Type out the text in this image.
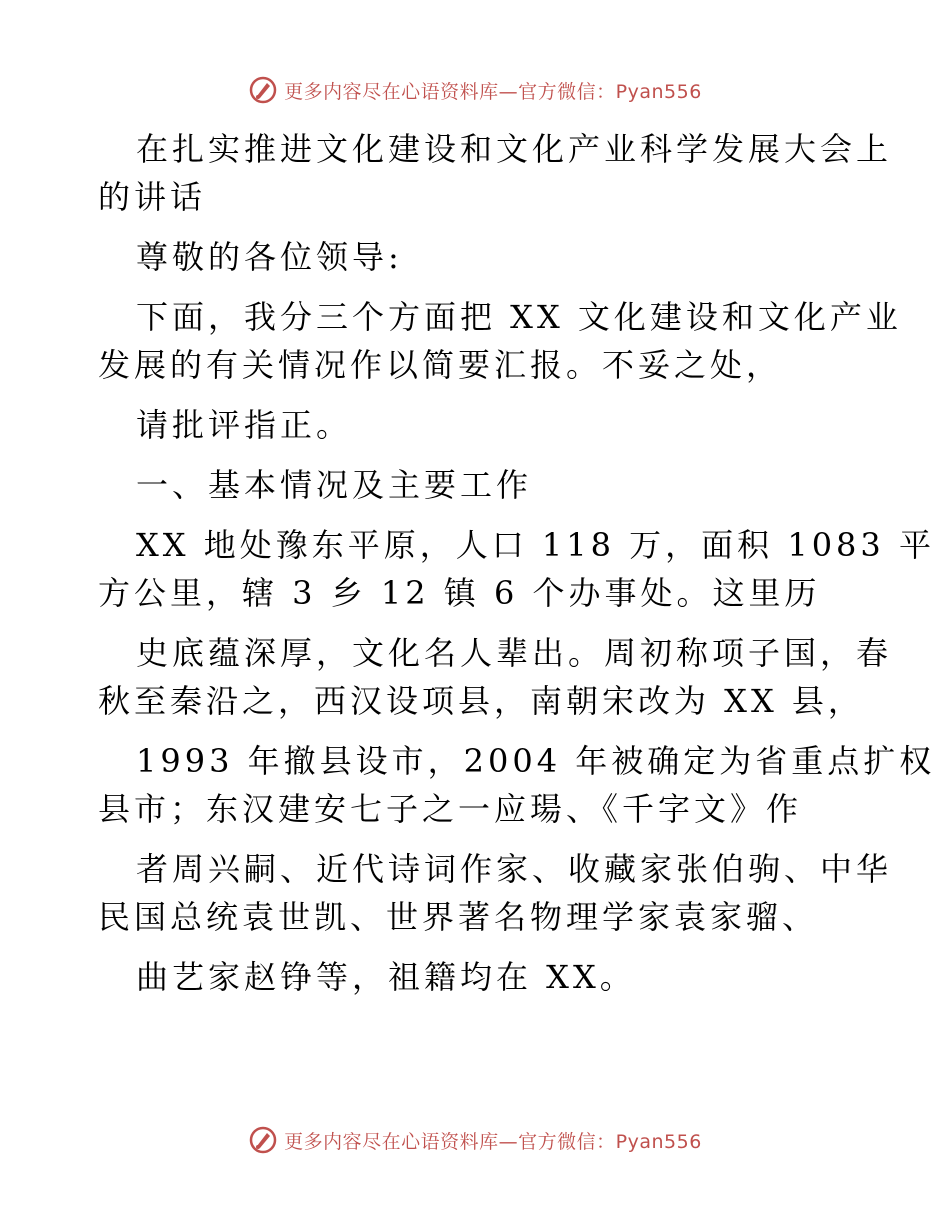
更多内容尽在心语资料库—官方微信：Pyan556
在扎实推进文化建设和文化产业科学发展大会上
的讲话
尊敬的各位领导:
下面，我分三个方面把 XX 文化建设和文化产业
发展的有关情况作以简要汇报。不妥之处，
请批评指正。
一、基本情况及主要工作
XX 地处豫东平原，人口 118 万，面积 1083 平
方公里，辖 3 乡 12 镇 6 个办事处。这里历
史底蕴深厚，文化名人辈出。周初称项子国，春
秋至秦沿之，西汉设项县，南朝宋改为 XX 县，
1993 年撤县设市，2004 年被确定为省重点扩权
县市；东汉建安七子之一应瑒、《千字文》作
者周兴嗣、近代诗词作家、收藏家张伯驹、中华
民国总统袁世凯、世界著名物理学家袁家骝、
曲艺家赵铮等，祖籍均在 XX。
更多内容尽在心语资料库—官方微信：Pyan556
